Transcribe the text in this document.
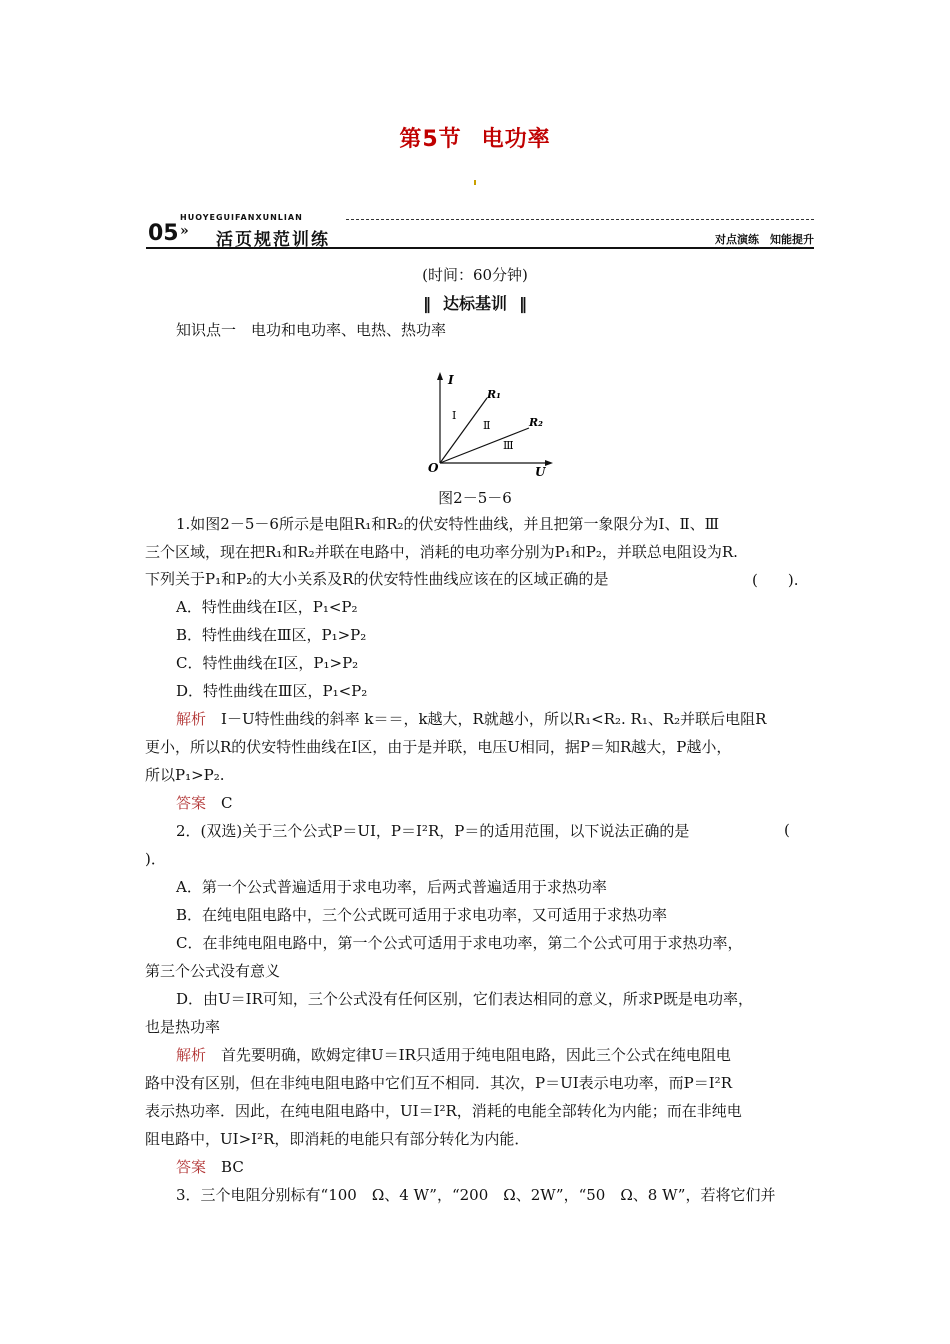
第5节 电功率
HUOYEGUIFANXUNLIAN
05 » 活页规范训练	对点演练　知能提升
(时间：60分钟)
‖ 达标基训 ‖
知识点一　电功和电功率、电热、热功率
I
U
O
R₁
R₂
Ⅰ
Ⅱ
Ⅲ
图2－5－6
1.如图2－5－6所示是电阻R₁和R₂的伏安特性曲线，并且把第一象限分为Ⅰ、Ⅱ、Ⅲ
三个区域，现在把R₁和R₂并联在电路中，消耗的电功率分别为P₁和P₂，并联总电阻设为R.
下列关于P₁和P₂的大小关系及R的伏安特性曲线应该在的区域正确的是	(　　).
A．特性曲线在Ⅰ区，P₁<P₂
B．特性曲线在Ⅲ区，P₁>P₂
C．特性曲线在Ⅰ区，P₁>P₂
D．特性曲线在Ⅲ区，P₁<P₂
解析　I－U特性曲线的斜率 k＝＝，k越大，R就越小，所以R₁<R₂. R₁、R₂并联后电阻R
更小，所以R的伏安特性曲线在Ⅰ区，由于是并联，电压U相同，据P＝知R越大，P越小，
所以P₁>P₂.
答案　C
2．(双选)关于三个公式P＝UI，P＝I²R，P＝的适用范围，以下说法正确的是	(
)．
A．第一个公式普遍适用于求电功率，后两式普遍适用于求热功率
B．在纯电阻电路中，三个公式既可适用于求电功率，又可适用于求热功率
C．在非纯电阻电路中，第一个公式可适用于求电功率，第二个公式可用于求热功率，
第三个公式没有意义
D．由U＝IR可知，三个公式没有任何区别，它们表达相同的意义，所求P既是电功率，
也是热功率
解析　首先要明确，欧姆定律U＝IR只适用于纯电阻电路，因此三个公式在纯电阻电
路中没有区别，但在非纯电阻电路中它们互不相同．其次，P＝UI表示电功率，而P＝I²R
表示热功率．因此，在纯电阻电路中，UI＝I²R，消耗的电能全部转化为内能；而在非纯电
阻电路中，UI>I²R，即消耗的电能只有部分转化为内能．
答案　BC
3．三个电阻分别标有“100　Ω、4 W”，“200　Ω、2W”，“50　Ω、8 W”，若将它们并
